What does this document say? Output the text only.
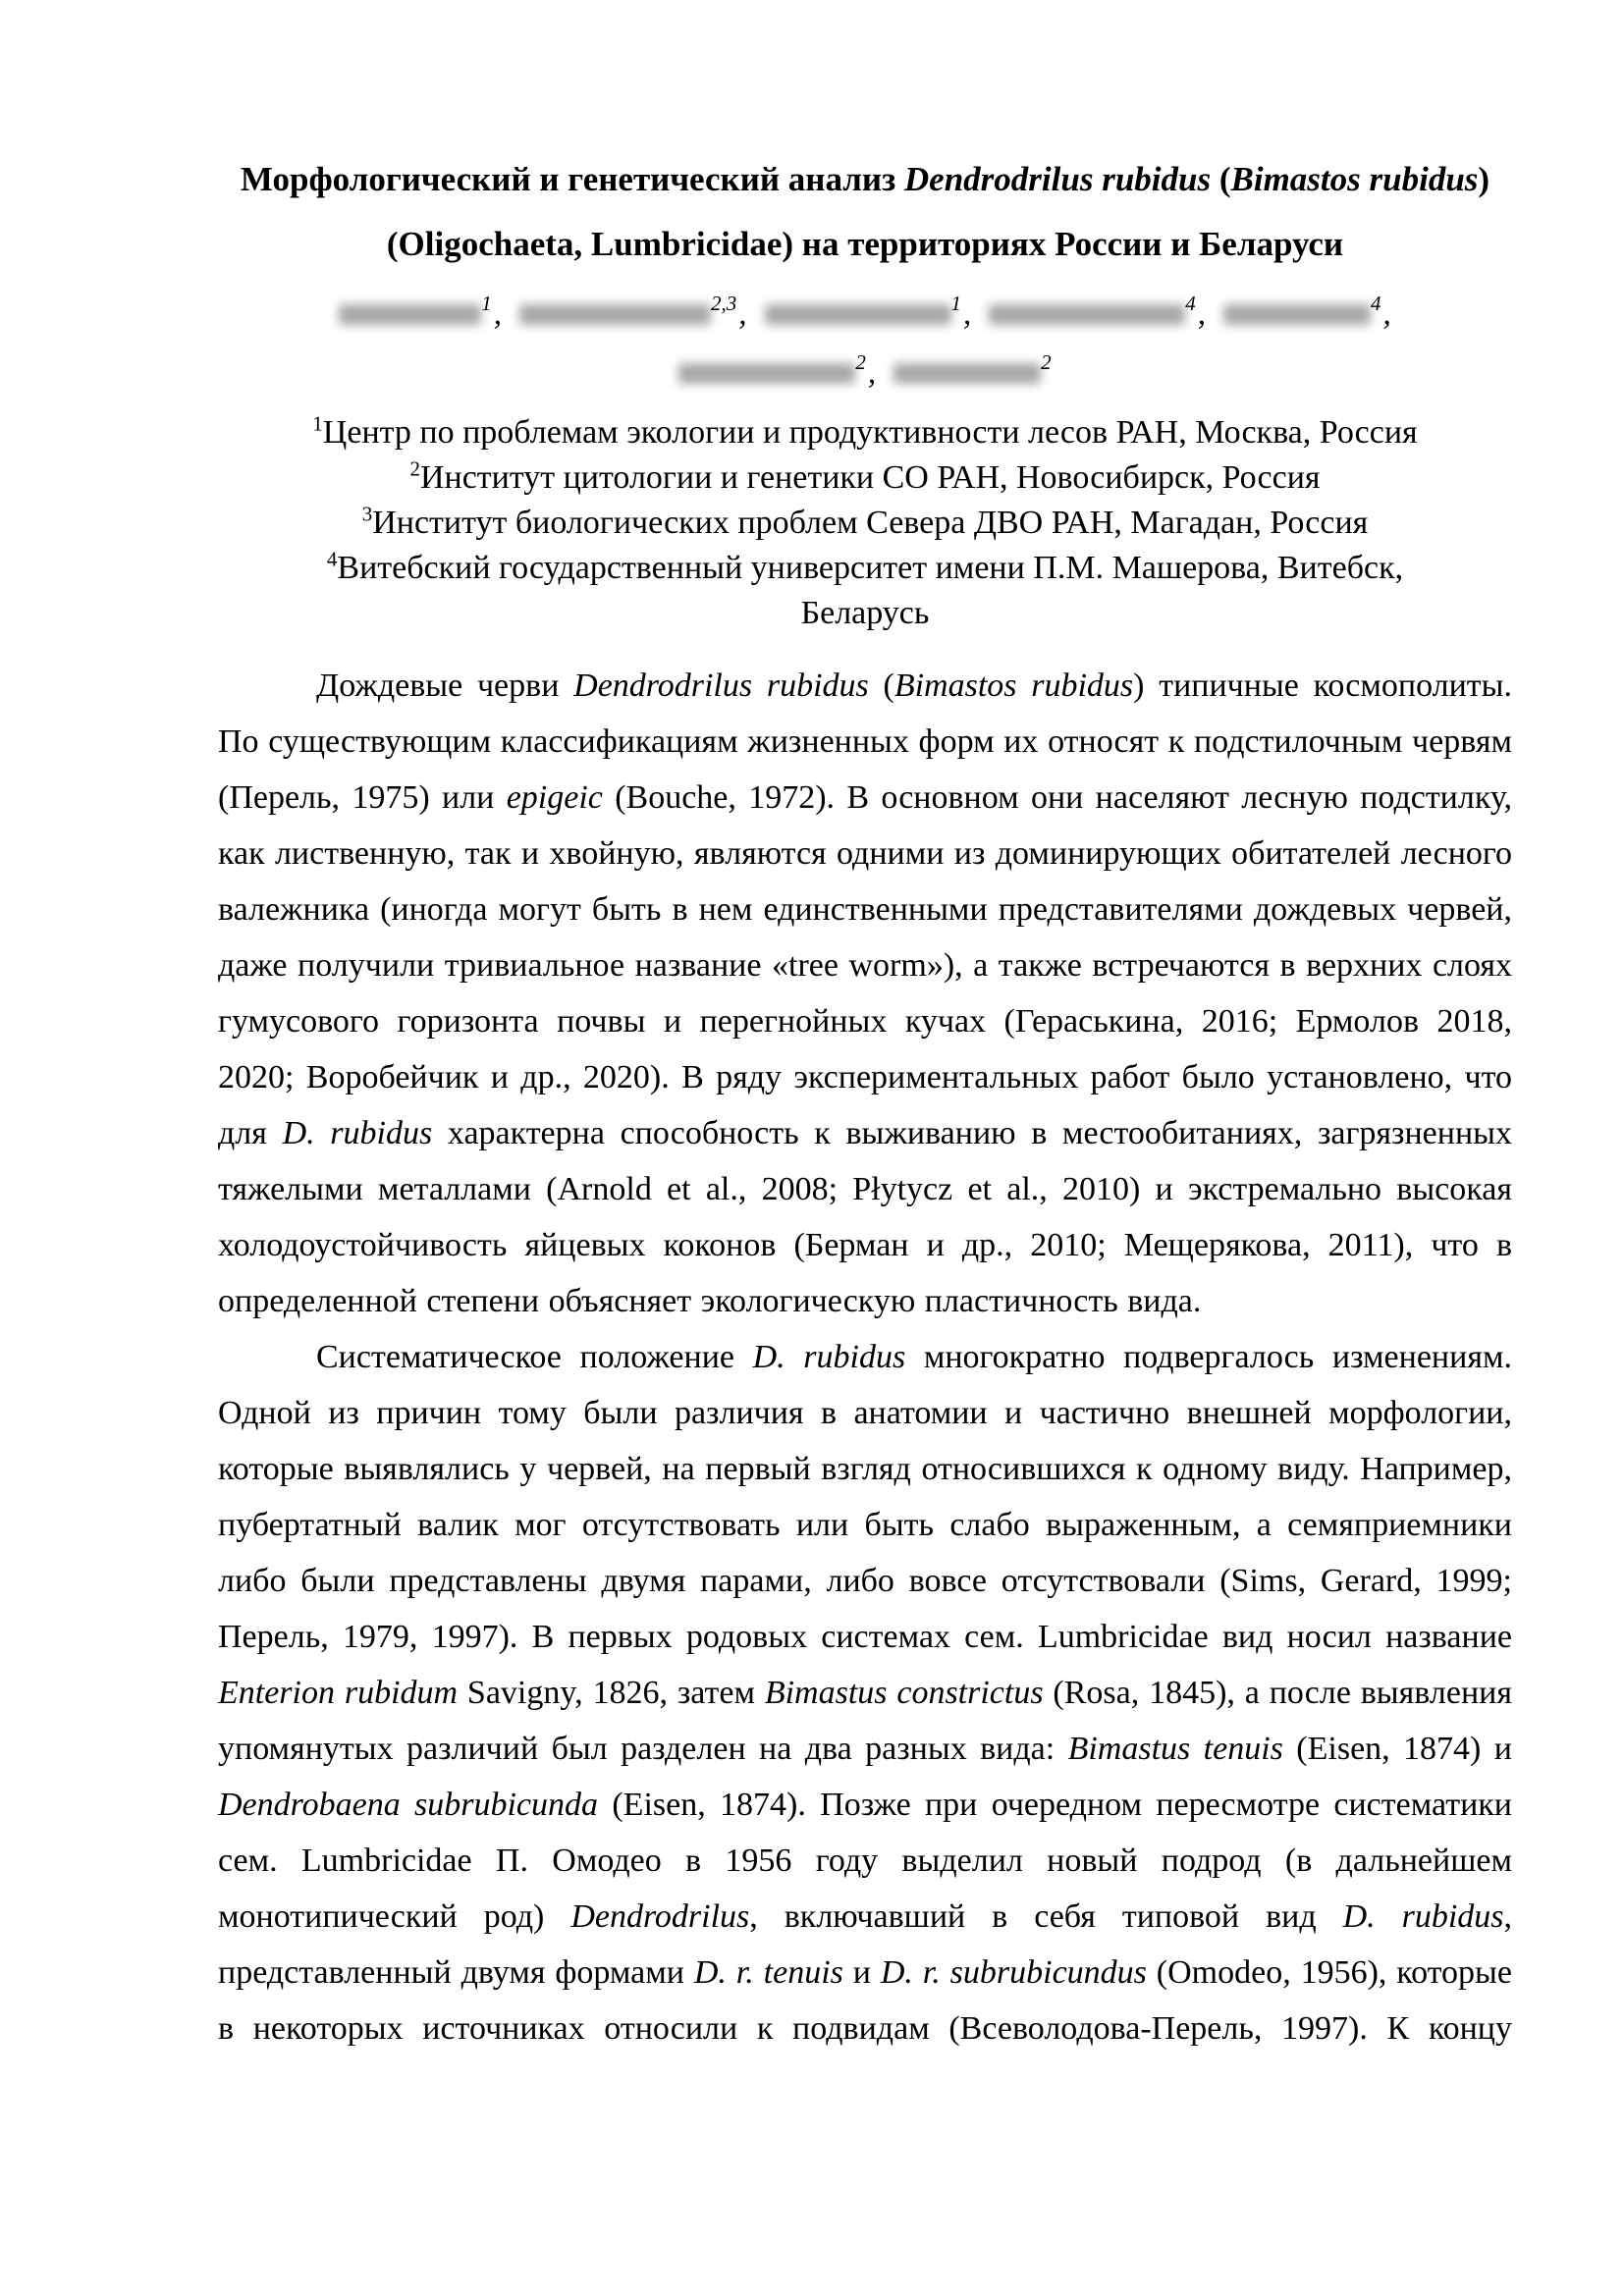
Морфологический и генетический анализ Dendrodrilus rubidus (Bimastos rubidus)
(Oligochaeta, Lumbricidae) на территориях России и Беларуси
$^1$,	$^{2,3}$,	$^1$,	$^4$,	$^4$,
$^2$,	$^2$
$^1$Центр по проблемам экологии и продуктивности лесов РАН, Москва, Россия
$^2$Институт цитологии и генетики СО РАН, Новосибирск, Россия
$^3$Институт биологических проблем Севера ДВО РАН, Магадан, Россия
$^4$Витебский государственный университет имени П.М. Машерова, Витебск,
Беларусь

Дождевые черви Dendrodrilus rubidus (Bimastos rubidus) типичные космополиты. По существующим классификациям жизненных форм их относят к подстилочным червям (Перель, 1975) или epigeic (Bouche, 1972). В основном они населяют лесную подстилку, как лиственную, так и хвойную, являются одними из доминирующих обитателей лесного валежника (иногда могут быть в нем единственными представителями дождевых червей, даже получили тривиальное название «tree worm»), а также встречаются в верхних слоях гумусового горизонта почвы и перегнойных кучах (Гераськина, 2016; Ермолов 2018, 2020; Воробейчик и др., 2020). В ряду экспериментальных работ было установлено, что для D. rubidus характерна способность к выживанию в местообитаниях, загрязненных тяжелыми металлами (Arnold et al., 2008; Płytycz et al., 2010) и экстремально высокая холодоустойчивость яйцевых коконов (Берман и др., 2010; Мещерякова, 2011), что в определенной степени объясняет экологическую пластичность вида.

Систематическое положение D. rubidus многократно подвергалось изменениям. Одной из причин тому были различия в анатомии и частично внешней морфологии, которые выявлялись у червей, на первый взгляд относившихся к одному виду. Например, пубертатный валик мог отсутствовать или быть слабо выраженным, а семяприемники либо были представлены двумя парами, либо вовсе отсутствовали (Sims, Gerard, 1999; Перель, 1979, 1997). В первых родовых системах сем. Lumbricidae вид носил название Enterion rubidum Savigny, 1826, затем Bimastus constrictus (Rosa, 1845), а после выявления упомянутых различий был разделен на два разных вида: Bimastus tenuis (Eisen, 1874) и Dendrobaena subrubicunda (Eisen, 1874). Позже при очередном пересмотре систематики сем. Lumbricidae П. Омодео в 1956 году выделил новый подрод (в дальнейшем монотипический род) Dendrodrilus, включавший в себя типовой вид D. rubidus, представленный двумя формами D. r. tenuis и D. r. subrubicundus (Omodeo, 1956), которые в некоторых источниках относили к подвидам (Всеволодова-Перель, 1997). К концу
